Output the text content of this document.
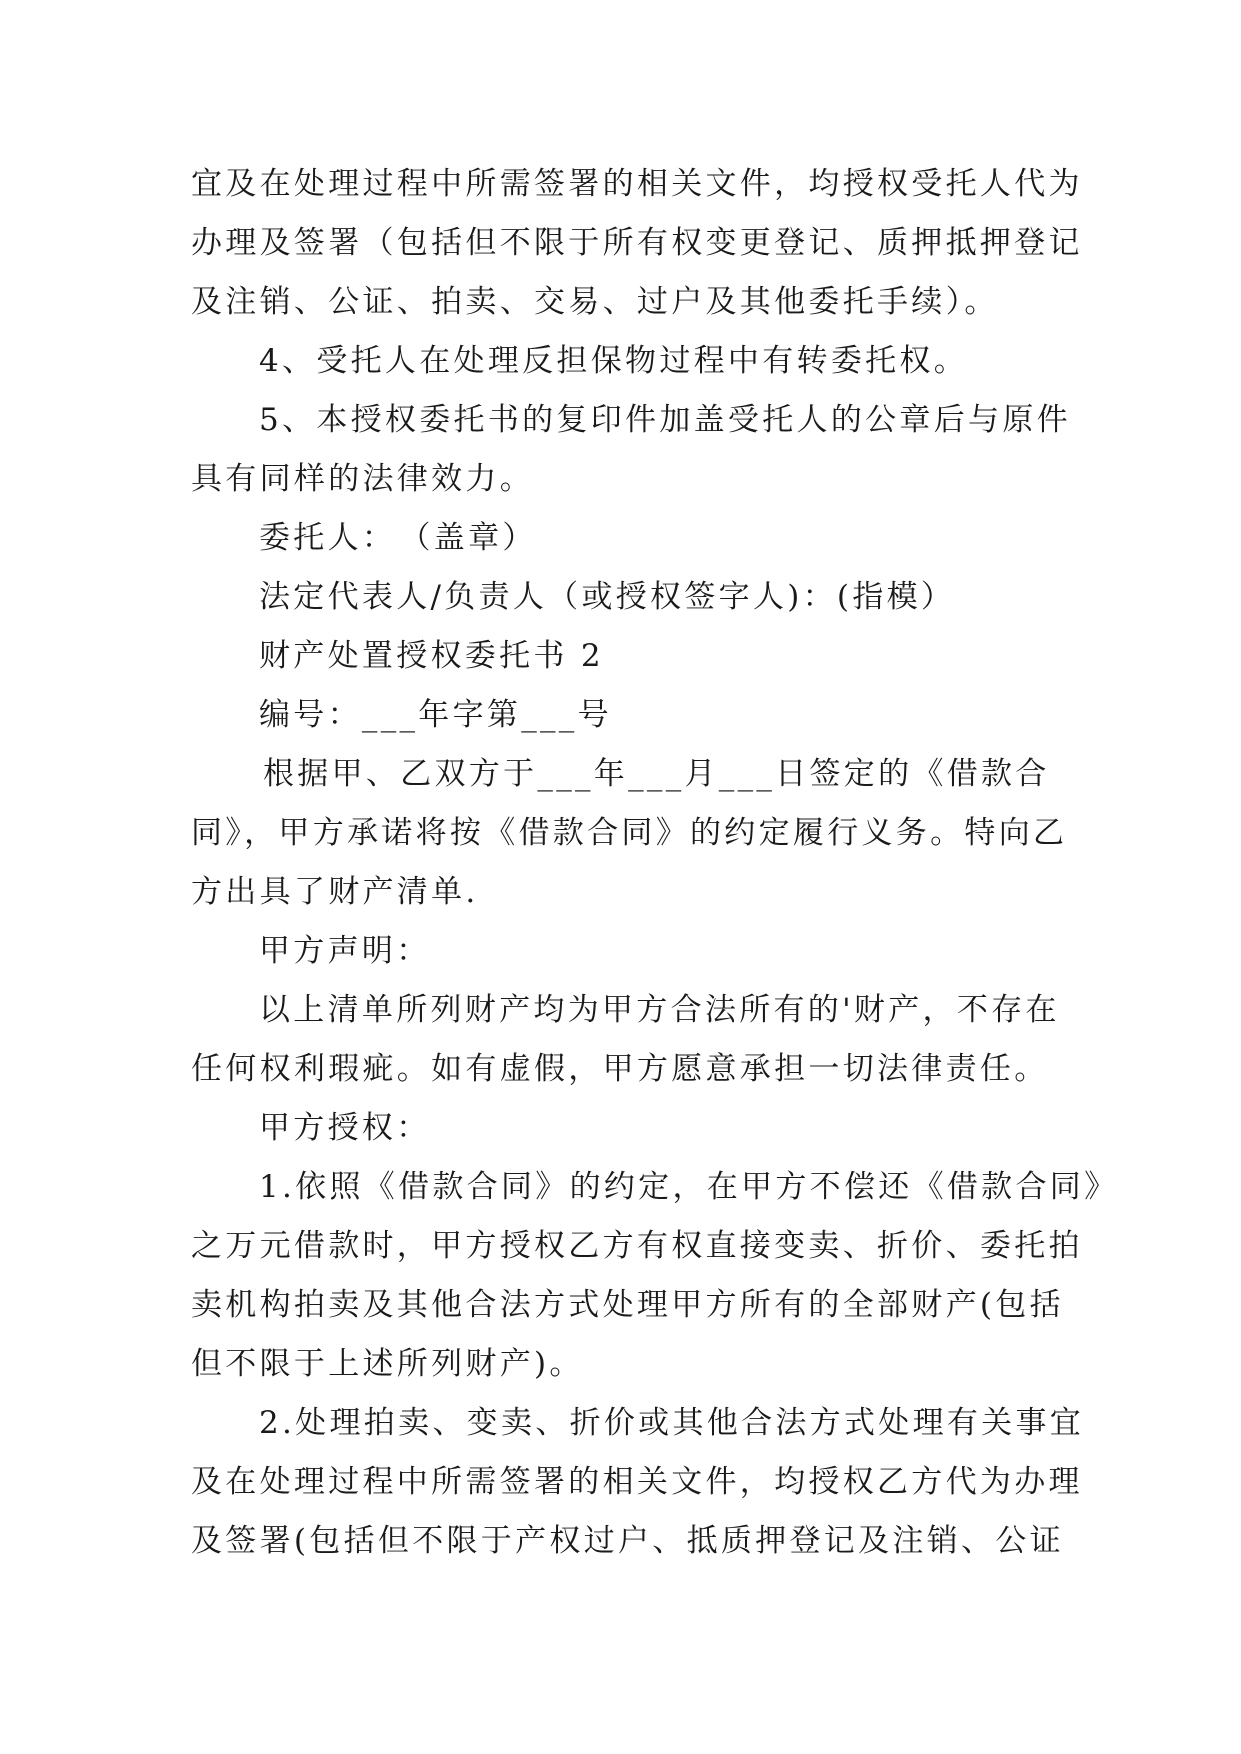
宜及在处理过程中所需签署的相关文件，均授权受托人代为
办理及签署（包括但不限于所有权变更登记、质押抵押登记
及注销、公证、拍卖、交易、过户及其他委托手续）。

4、受托人在处理反担保物过程中有转委托权。

5、本授权委托书的复印件加盖受托人的公章后与原件
具有同样的法律效力。

委托人：　（盖章）

法定代表人/负责人（或授权签字人)：(指模）

财产处置授权委托书 2

编号：___年字第___号

根据甲、乙双方于___年___月___日签定的《借款合
同》，甲方承诺将按《借款合同》的约定履行义务。特向乙
方出具了财产清单.

甲方声明：

以上清单所列财产均为甲方合法所有的'财产，不存在
任何权利瑕疵。如有虚假，甲方愿意承担一切法律责任。

甲方授权：

1.依照《借款合同》的约定，在甲方不偿还《借款合同》
之万元借款时，甲方授权乙方有权直接变卖、折价、委托拍
卖机构拍卖及其他合法方式处理甲方所有的全部财产(包括
但不限于上述所列财产)。

2.处理拍卖、变卖、折价或其他合法方式处理有关事宜
及在处理过程中所需签署的相关文件，均授权乙方代为办理
及签署(包括但不限于产权过户、抵质押登记及注销、公证
